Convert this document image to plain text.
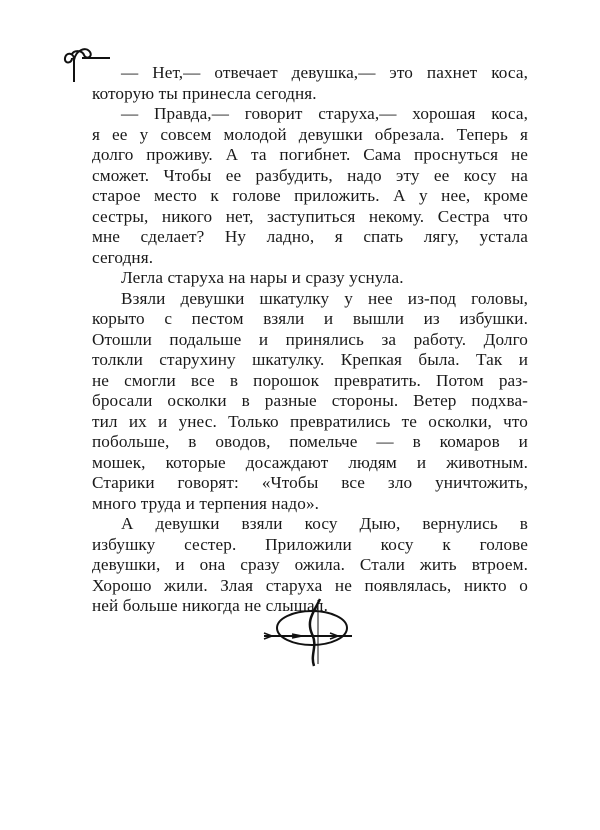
— Нет,— отвечает девушка,— это пахнет коса,
которую ты принесла сегодня.
— Правда,— говорит старуха,— хорошая коса,
я ее у совсем молодой девушки обрезала. Теперь я
долго проживу. А та погибнет. Сама проснуться не
сможет. Чтобы ее разбудить, надо эту ее косу на
старое место к голове приложить. А у нее, кроме
сестры, никого нет, заступиться некому. Сестра что
мне сделает? Ну ладно, я спать лягу, устала
сегодня.
Легла старуха на нары и сразу уснула.
Взяли девушки шкатулку у нее из-под головы,
корыто с пестом взяли и вышли из избушки.
Отошли подальше и принялись за работу. Долго
толкли старухину шкатулку. Крепкая была. Так и
не смогли все в порошок превратить. Потом раз-
бросали осколки в разные стороны. Ветер подхва-
тил их и унес. Только превратились те осколки, что
побольше, в оводов, помельче — в комаров и
мошек, которые досаждают людям и животным.
Старики говорят: «Чтобы все зло уничтожить,
много труда и терпения надо».
А девушки взяли косу Дыю, вернулись в
избушку сестер. Приложили косу к голове
девушки, и она сразу ожила. Стали жить втроем.
Хорошо жили. Злая старуха не появлялась, никто о
ней больше никогда не слышал.
